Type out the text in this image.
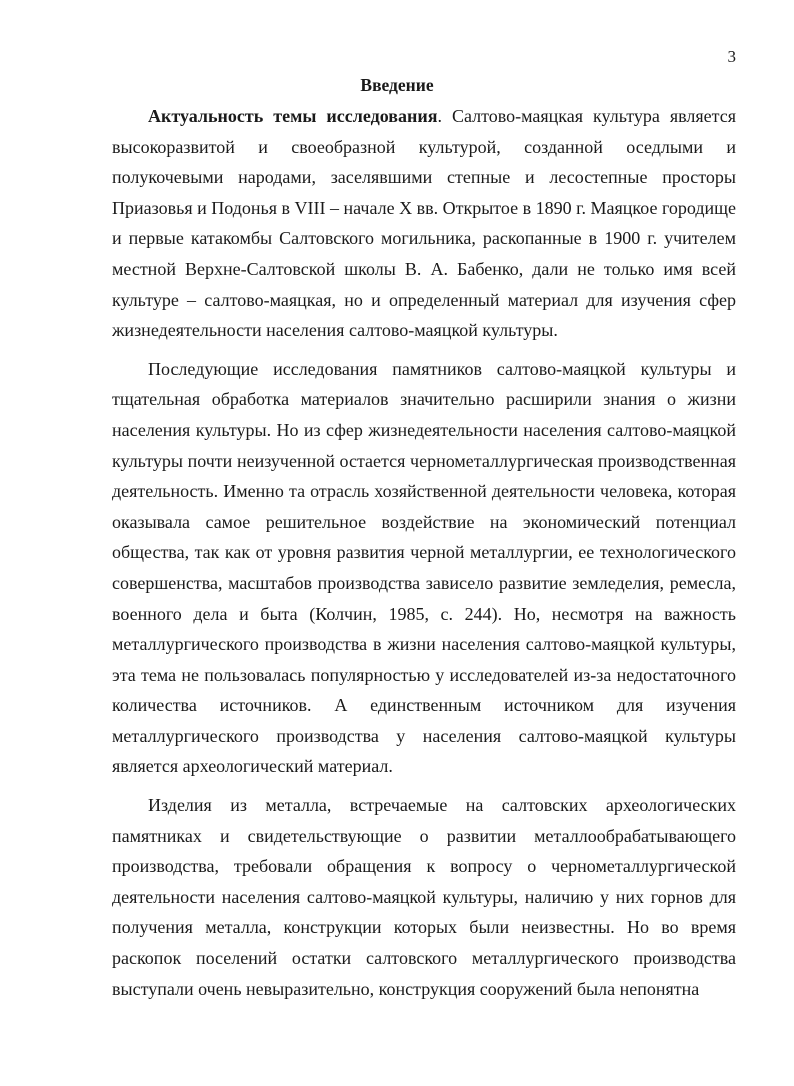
3
Введение

Актуальность темы исследования. Салтово-маяцкая культура является высокоразвитой и своеобразной культурой, созданной оседлыми и полукочевыми народами, заселявшими степные и лесостепные просторы Приазовья и Подонья в VIII – начале X вв. Открытое в 1890 г. Маяцкое городище и первые катакомбы Салтовского могильника, раскопанные в 1900 г. учителем местной Верхне-Салтовской школы В. А. Бабенко, дали не только имя всей культуре – салтово-маяцкая, но и определенный материал для изучения сфер жизнедеятельности населения салтово-маяцкой культуры.

Последующие исследования памятников салтово-маяцкой культуры и тщательная обработка материалов значительно расширили знания о жизни населения культуры. Но из сфер жизнедеятельности населения салтово-маяцкой культуры почти неизученной остается чернометаллургическая производственная деятельность. Именно та отрасль хозяйственной деятельности человека, которая оказывала самое решительное воздействие на экономический потенциал общества, так как от уровня развития черной металлургии, ее технологического совершенства, масштабов производства зависело развитие земледелия, ремесла, военного дела и быта (Колчин, 1985, с. 244). Но, несмотря на важность металлургического производства в жизни населения салтово-маяцкой культуры, эта тема не пользовалась популярностью у исследователей из-за недостаточного количества источников. А единственным источником для изучения металлургического производства у населения салтово-маяцкой культуры является археологический материал.

Изделия из металла, встречаемые на салтовских археологических памятниках и свидетельствующие о развитии металлообрабатывающего производства, требовали обращения к вопросу о чернометаллургической деятельности населения салтово-маяцкой культуры, наличию у них горнов для получения металла, конструкции которых были неизвестны. Но во время раскопок поселений остатки салтовского металлургического производства выступали очень невыразительно, конструкция сооружений была непонятна
